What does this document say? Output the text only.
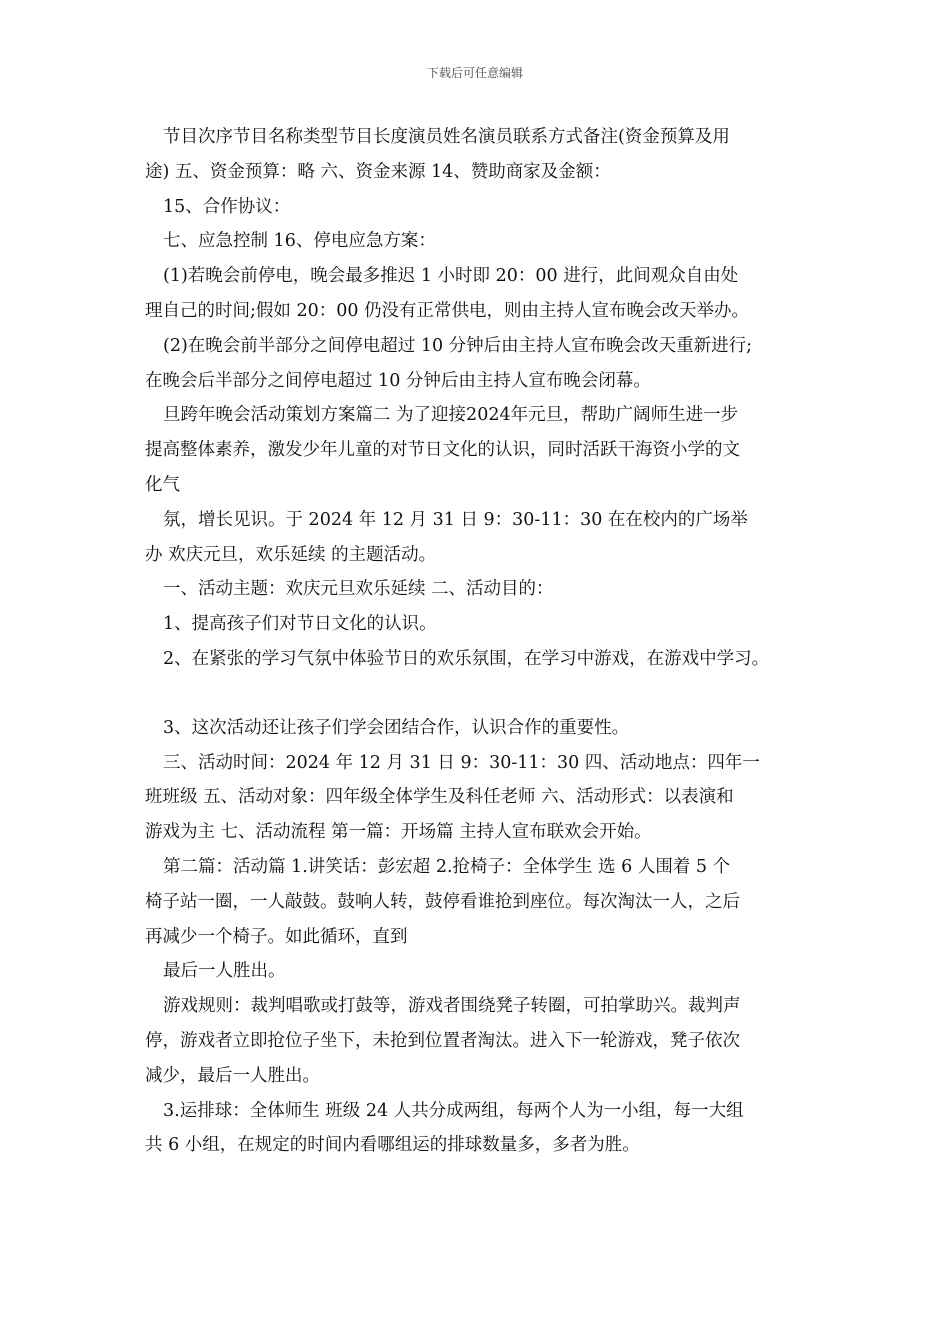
下载后可任意编辑

节目次序节目名称类型节目长度演员姓名演员联系方式备注(资金预算及用
途) 五、资金预算：略 六、资金来源 14、赞助商家及金额：

15、合作协议：

七、应急控制 16、停电应急方案：

(1)若晚会前停电，晚会最多推迟 1 小时即 20：00 进行，此间观众自由处
理自己的时间;假如 20：00 仍没有正常供电，则由主持人宣布晚会改天举办。

(2)在晚会前半部分之间停电超过 10 分钟后由主持人宣布晚会改天重新进行;
在晚会后半部分之间停电超过 10 分钟后由主持人宣布晚会闭幕。

旦跨年晚会活动策划方案篇二 为了迎接2024年元旦，帮助广阔师生进一步
提高整体素养，激发少年儿童的对节日文化的认识，同时活跃干海资小学的文
化气

氛，增长见识。于 2024 年 12 月 31 日 9：30-11：30 在在校内的广场举
办 欢庆元旦，欢乐延续 的主题活动。

一、活动主题：欢庆元旦欢乐延续 二、活动目的：

1、提高孩子们对节日文化的认识。

2、在紧张的学习气氛中体验节日的欢乐氛围，在学习中游戏，在游戏中学习。

3、这次活动还让孩子们学会团结合作，认识合作的重要性。

三、活动时间：2024 年 12 月 31 日 9：30-11：30 四、活动地点：四年一
班班级 五、活动对象：四年级全体学生及科任老师 六、活动形式：以表演和
游戏为主 七、活动流程 第一篇：开场篇 主持人宣布联欢会开始。

第二篇：活动篇 1.讲笑话：彭宏超 2.抢椅子：全体学生 选 6 人围着 5 个
椅子站一圈，一人敲鼓。鼓响人转，鼓停看谁抢到座位。每次淘汰一人，之后
再减少一个椅子。如此循环，直到

最后一人胜出。

游戏规则：裁判唱歌或打鼓等，游戏者围绕凳子转圈，可拍掌助兴。裁判声
停，游戏者立即抢位子坐下，未抢到位置者淘汰。进入下一轮游戏，凳子依次
减少，最后一人胜出。

3.运排球：全体师生 班级 24 人共分成两组，每两个人为一小组，每一大组
共 6 小组，在规定的时间内看哪组运的排球数量多，多者为胜。
